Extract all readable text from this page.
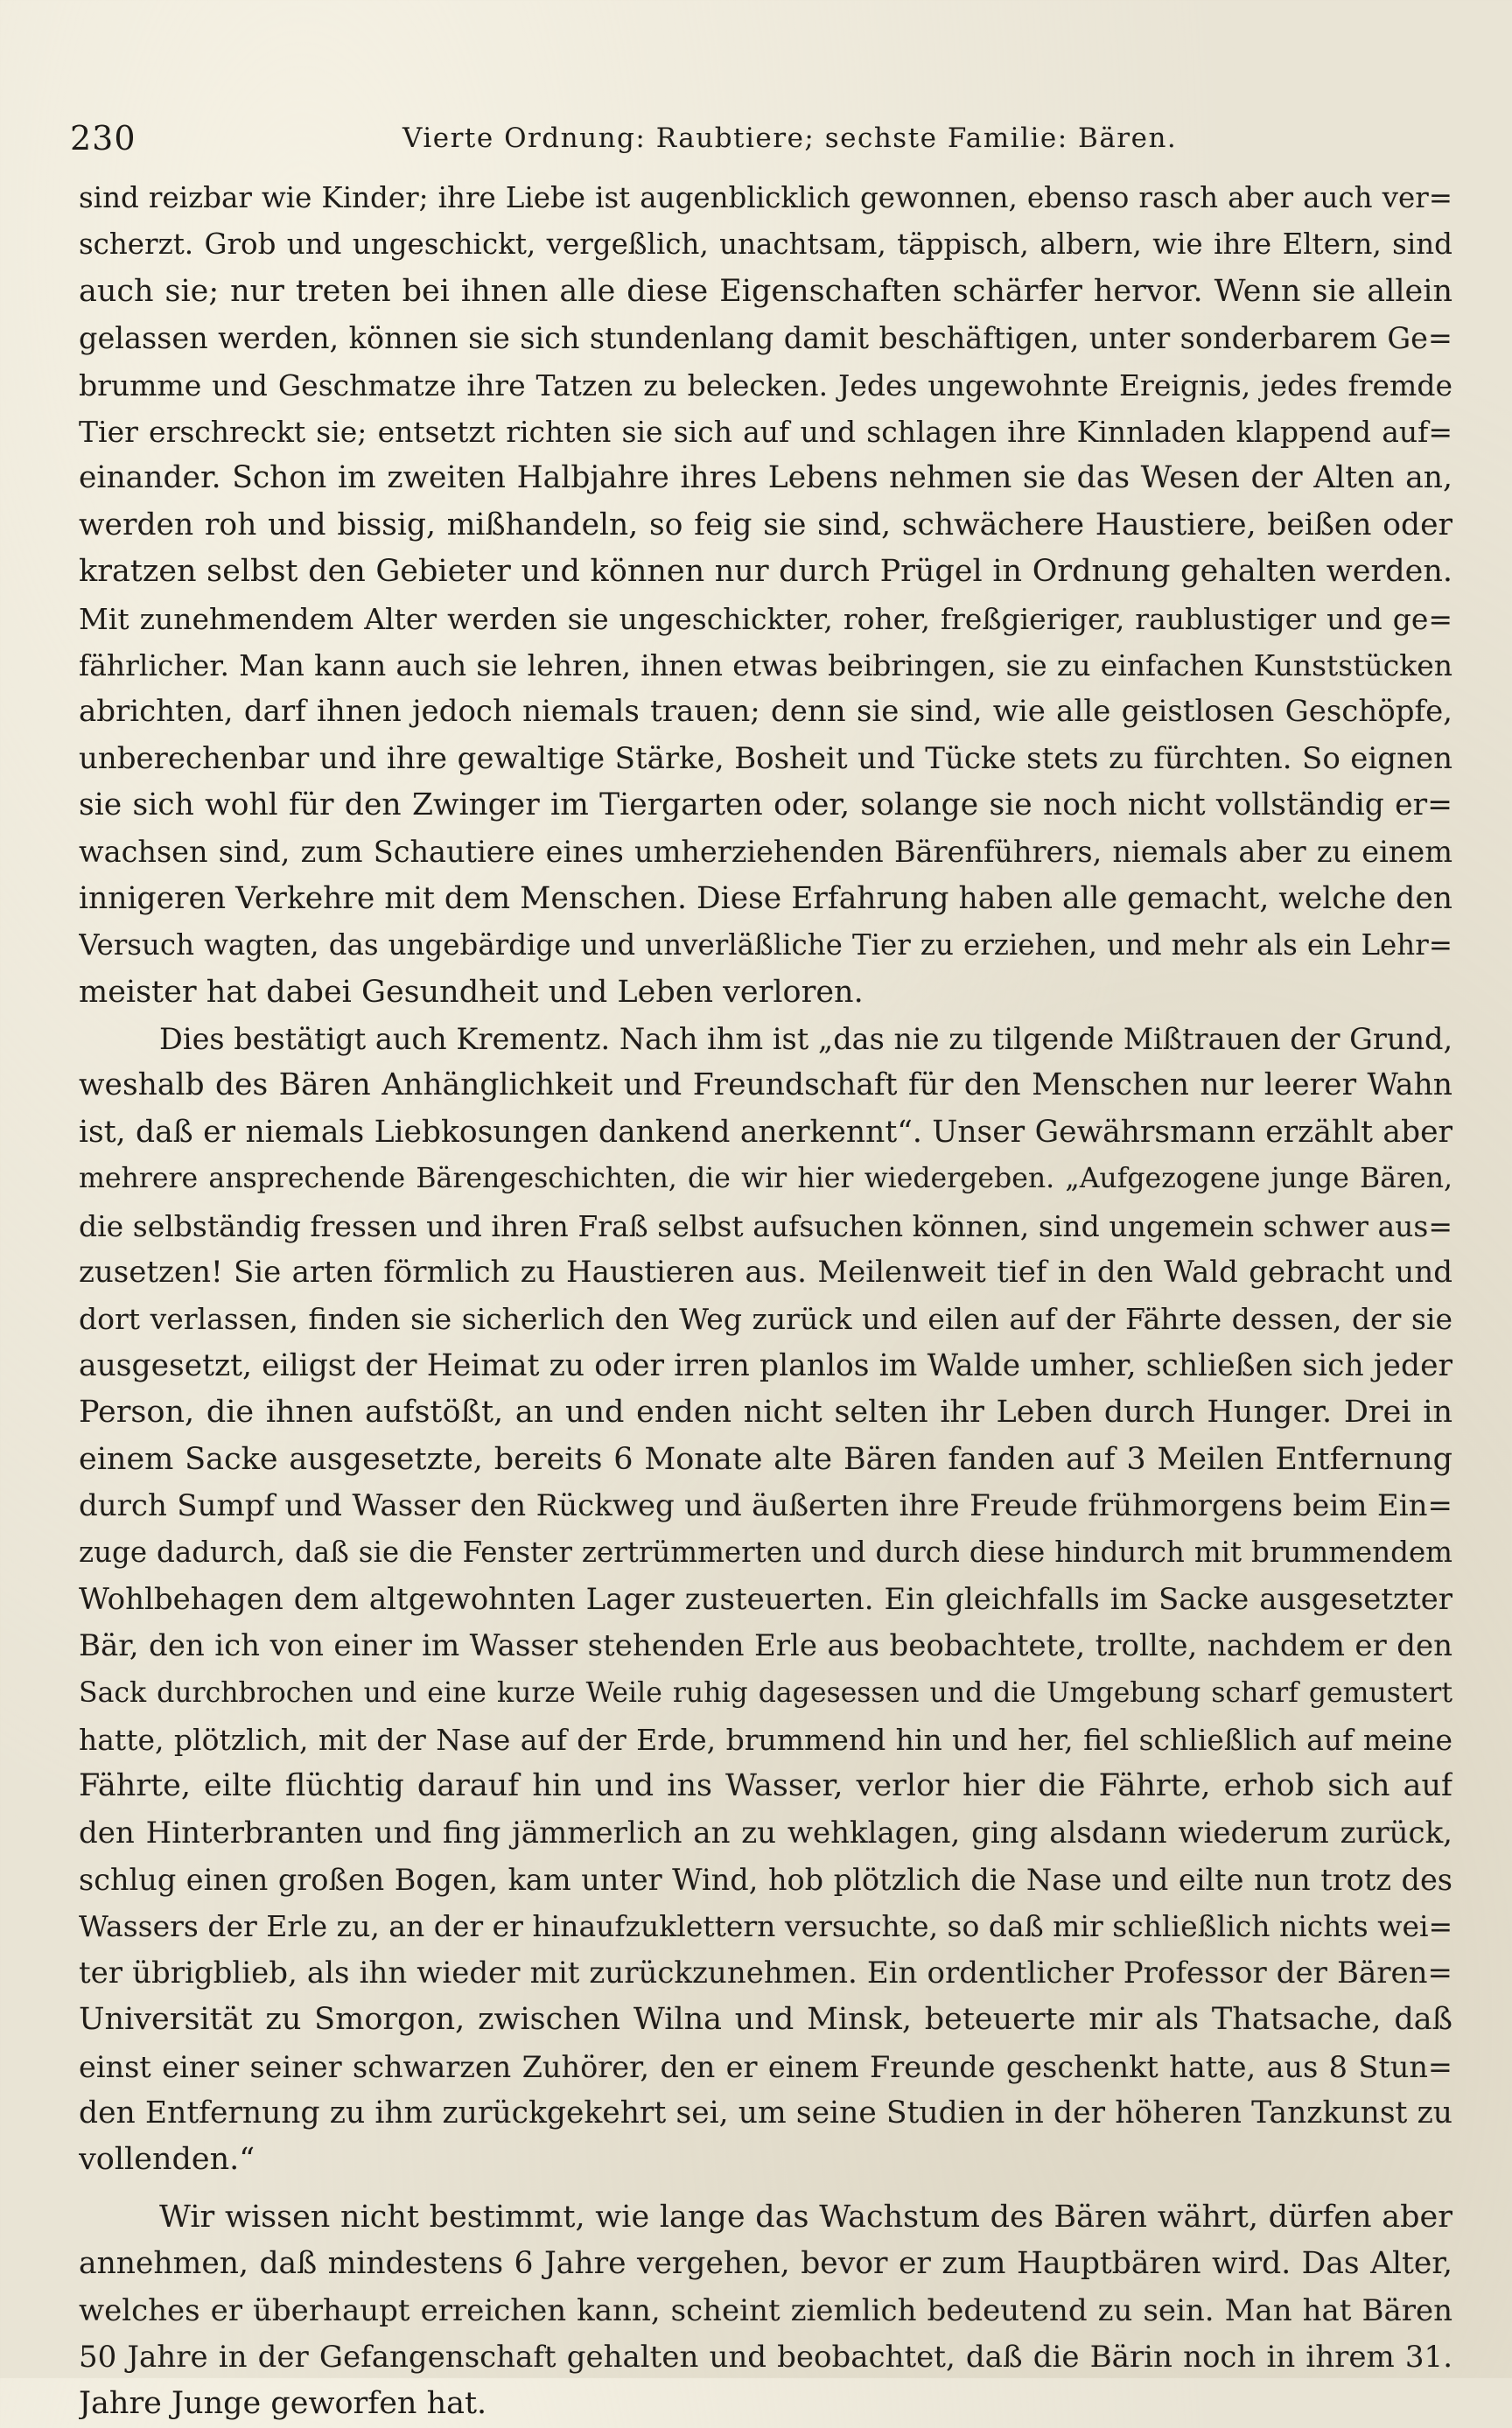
230	Vierte Ordnung: Raubtiere; sechste Familie: Bären.
sind reizbar wie Kinder; ihre Liebe ist augenblicklich gewonnen, ebenso rasch aber auch ver=
scherzt. Grob und ungeschickt, vergeßlich, unachtsam, täppisch, albern, wie ihre Eltern, sind
auch sie; nur treten bei ihnen alle diese Eigenschaften schärfer hervor. Wenn sie allein
gelassen werden, können sie sich stundenlang damit beschäftigen, unter sonderbarem Ge=
brumme und Geschmatze ihre Tatzen zu belecken. Jedes ungewohnte Ereignis, jedes fremde
Tier erschreckt sie; entsetzt richten sie sich auf und schlagen ihre Kinnladen klappend auf=
einander. Schon im zweiten Halbjahre ihres Lebens nehmen sie das Wesen der Alten an,
werden roh und bissig, mißhandeln, so feig sie sind, schwächere Haustiere, beißen oder
kratzen selbst den Gebieter und können nur durch Prügel in Ordnung gehalten werden.
Mit zunehmendem Alter werden sie ungeschickter, roher, freßgieriger, raublustiger und ge=
fährlicher. Man kann auch sie lehren, ihnen etwas beibringen, sie zu einfachen Kunststücken
abrichten, darf ihnen jedoch niemals trauen; denn sie sind, wie alle geistlosen Geschöpfe,
unberechenbar und ihre gewaltige Stärke, Bosheit und Tücke stets zu fürchten. So eignen
sie sich wohl für den Zwinger im Tiergarten oder, solange sie noch nicht vollständig er=
wachsen sind, zum Schautiere eines umherziehenden Bärenführers, niemals aber zu einem
innigeren Verkehre mit dem Menschen. Diese Erfahrung haben alle gemacht, welche den
Versuch wagten, das ungebärdige und unverläßliche Tier zu erziehen, und mehr als ein Lehr=
meister hat dabei Gesundheit und Leben verloren.
Dies bestätigt auch Krementz. Nach ihm ist „das nie zu tilgende Mißtrauen der Grund,
weshalb des Bären Anhänglichkeit und Freundschaft für den Menschen nur leerer Wahn
ist, daß er niemals Liebkosungen dankend anerkennt“. Unser Gewährsmann erzählt aber
mehrere ansprechende Bärengeschichten, die wir hier wiedergeben. „Aufgezogene junge Bären,
die selbständig fressen und ihren Fraß selbst aufsuchen können, sind ungemein schwer aus=
zusetzen! Sie arten förmlich zu Haustieren aus. Meilenweit tief in den Wald gebracht und
dort verlassen, finden sie sicherlich den Weg zurück und eilen auf der Fährte dessen, der sie
ausgesetzt, eiligst der Heimat zu oder irren planlos im Walde umher, schließen sich jeder
Person, die ihnen aufstößt, an und enden nicht selten ihr Leben durch Hunger. Drei in
einem Sacke ausgesetzte, bereits 6 Monate alte Bären fanden auf 3 Meilen Entfernung
durch Sumpf und Wasser den Rückweg und äußerten ihre Freude frühmorgens beim Ein=
zuge dadurch, daß sie die Fenster zertrümmerten und durch diese hindurch mit brummendem
Wohlbehagen dem altgewohnten Lager zusteuerten. Ein gleichfalls im Sacke ausgesetzter
Bär, den ich von einer im Wasser stehenden Erle aus beobachtete, trollte, nachdem er den
Sack durchbrochen und eine kurze Weile ruhig dagesessen und die Umgebung scharf gemustert
hatte, plötzlich, mit der Nase auf der Erde, brummend hin und her, fiel schließlich auf meine
Fährte, eilte flüchtig darauf hin und ins Wasser, verlor hier die Fährte, erhob sich auf
den Hinterbranten und fing jämmerlich an zu wehklagen, ging alsdann wiederum zurück,
schlug einen großen Bogen, kam unter Wind, hob plötzlich die Nase und eilte nun trotz des
Wassers der Erle zu, an der er hinaufzuklettern versuchte, so daß mir schließlich nichts wei=
ter übrigblieb, als ihn wieder mit zurückzunehmen. Ein ordentlicher Professor der Bären=
Universität zu Smorgon, zwischen Wilna und Minsk, beteuerte mir als Thatsache, daß
einst einer seiner schwarzen Zuhörer, den er einem Freunde geschenkt hatte, aus 8 Stun=
den Entfernung zu ihm zurückgekehrt sei, um seine Studien in der höheren Tanzkunst zu
vollenden.“
Wir wissen nicht bestimmt, wie lange das Wachstum des Bären währt, dürfen aber
annehmen, daß mindestens 6 Jahre vergehen, bevor er zum Hauptbären wird. Das Alter,
welches er überhaupt erreichen kann, scheint ziemlich bedeutend zu sein. Man hat Bären
50 Jahre in der Gefangenschaft gehalten und beobachtet, daß die Bärin noch in ihrem 31.
Jahre Junge geworfen hat.
